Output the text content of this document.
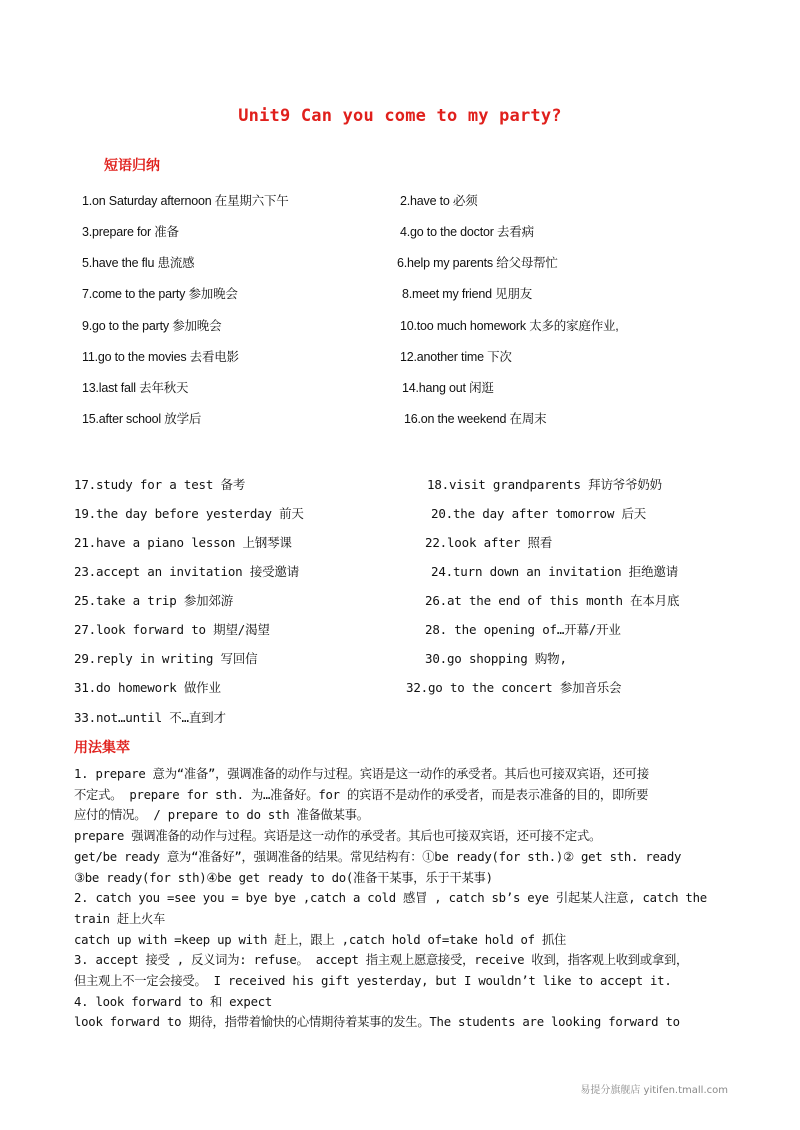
Unit9 Can you come to my party?
短语归纳
1.on Saturday afternoon 在星期六下午	2.have to 必须
3.prepare for 准备	4.go to the doctor 去看病
5.have the flu 患流感	6.help my parents 给父母帮忙
7.come to the party 参加晚会	8.meet my friend 见朋友
9.go to the party 参加晚会	10.too much homework 太多的家庭作业,
11.go to the movies 去看电影	12.another time 下次
13.last fall 去年秋天	14.hang out 闲逛
15.after school 放学后	16.on the weekend 在周末
17.study for a test 备考	18.visit grandparents 拜访爷爷奶奶
19.the day before yesterday 前天	20.the day after tomorrow 后天
21.have a piano lesson 上钢琴课	22.look after 照看
23.accept an invitation 接受邀请	24.turn down an invitation 拒绝邀请
25.take a trip 参加郊游	26.at the end of this month 在本月底
27.look forward to 期望/渴望	28. the opening of…开幕/开业
29.reply in writing 写回信	30.go shopping 购物,
31.do homework 做作业	32.go to the concert 参加音乐会
33.not…until 不…直到才
用法集萃
1. prepare 意为“准备”，强调准备的动作与过程。宾语是这一动作的承受者。其后也可接双宾语，还可接
不定式。 prepare for sth. 为…准备好。for 的宾语不是动作的承受者，而是表示准备的目的，即所要
应付的情况。 / prepare to do sth 准备做某事。
prepare 强调准备的动作与过程。宾语是这一动作的承受者。其后也可接双宾语，还可接不定式。
get/be ready 意为“准备好”，强调准备的结果。常见结构有：①be ready(for sth.)② get sth. ready
③be ready(for sth)④be get ready to do(准备干某事，乐于干某事)
2. catch you =see you = bye bye ,catch a cold 感冒 , catch sb’s eye 引起某人注意, catch the
train 赶上火车
catch up with =keep up with 赶上，跟上 ,catch hold of=take hold of 抓住
3. accept 接受 , 反义词为: refuse。 accept 指主观上愿意接受，receive 收到，指客观上收到或拿到，
但主观上不一定会接受。 I received his gift yesterday, but I wouldn’t like to accept it.
4. look forward to 和 expect
look forward to 期待，指带着愉快的心情期待着某事的发生。The students are looking forward to
易提分旗舰店 yitifen.tmall.com
